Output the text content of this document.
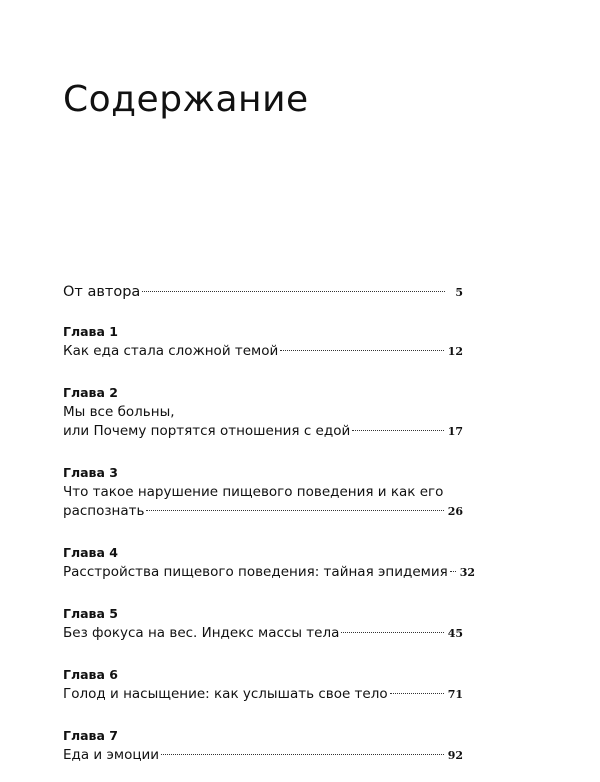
Содержание
От автора	5
Глава 1
Как еда стала сложной темой	12
Глава 2
Мы все больны,
или Почему портятся отношения с едой	17
Глава 3
Что такое нарушение пищевого поведения и как его
распознать	26
Глава 4
Расстройства пищевого поведения: тайная эпидемия 32
Глава 5
Без фокуса на вес. Индекс массы тела	45
Глава 6
Голод и насыщение: как услышать свое тело	71
Глава 7
Еда и эмоции	92
